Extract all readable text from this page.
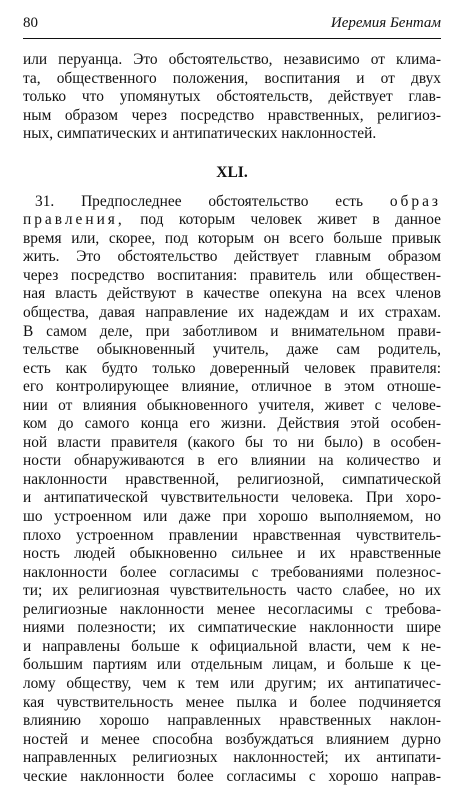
80	Иеремия Бентам
или перуанца. Это обстоятельство, независимо от клима-
та, общественного положения, воспитания и от двух
только что упомянутых обстоятельств, действует глав-
ным образом через посредство нравственных, религиоз-
ных, симпатических и антипатических наклонностей.
XLI.
31. Предпоследнее обстоятельство есть образ
правления, под которым человек живет в данное
время или, скорее, под которым он всего больше привык
жить. Это обстоятельство действует главным образом
через посредство воспитания: правитель или обществен-
ная власть действуют в качестве опекуна на всех членов
общества, давая направление их надеждам и их страхам.
В самом деле, при заботливом и внимательном прави-
тельстве обыкновенный учитель, даже сам родитель,
есть как будто только доверенный человек правителя:
его контролирующее влияние, отличное в этом отноше-
нии от влияния обыкновенного учителя, живет с челове-
ком до самого конца его жизни. Действия этой особен-
ной власти правителя (какого бы то ни было) в особен-
ности обнаруживаются в его влиянии на количество и
наклонности нравственной, религиозной, симпатической
и антипатической чувствительности человека. При хоро-
шо устроенном или даже при хорошо выполняемом, но
плохо устроенном правлении нравственная чувствитель-
ность людей обыкновенно сильнее и их нравственные
наклонности более согласимы с требованиями полезнос-
ти; их религиозная чувствительность часто слабее, но их
религиозные наклонности менее несогласимы с требова-
ниями полезности; их симпатические наклонности шире
и направлены больше к официальной власти, чем к не-
большим партиям или отдельным лицам, и больше к це-
лому обществу, чем к тем или другим; их антипатичес-
кая чувствительность менее пылка и более подчиняется
влиянию хорошо направленных нравственных наклон-
ностей и менее способна возбуждаться влиянием дурно
направленных религиозных наклонностей; их антипати-
ческие наклонности более согласимы с хорошо направ-
